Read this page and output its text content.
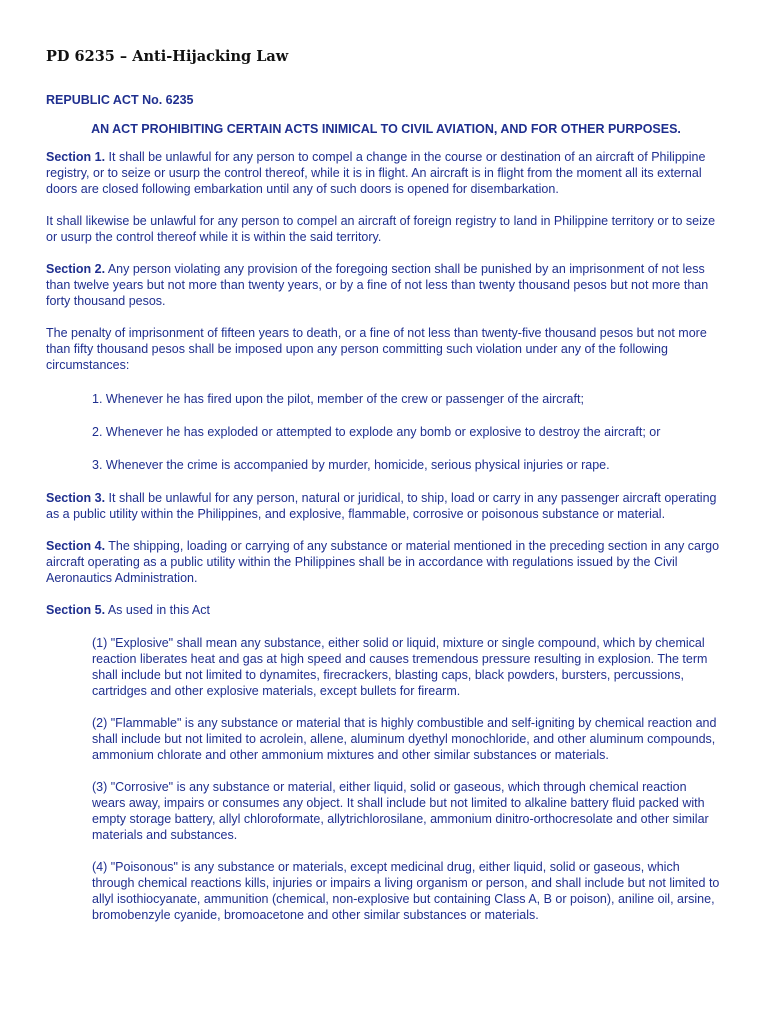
PD 6235 – Anti-Hijacking Law
REPUBLIC ACT No. 6235
AN ACT PROHIBITING CERTAIN ACTS INIMICAL TO CIVIL AVIATION, AND FOR OTHER PURPOSES.

Section 1. It shall be unlawful for any person to compel a change in the course or destination of an aircraft of Philippine registry, or to seize or usurp the control thereof, while it is in flight. An aircraft is in flight from the moment all its external doors are closed following embarkation until any of such doors is opened for disembarkation.

It shall likewise be unlawful for any person to compel an aircraft of foreign registry to land in Philippine territory or to seize or usurp the control thereof while it is within the said territory.

Section 2. Any person violating any provision of the foregoing section shall be punished by an imprisonment of not less than twelve years but not more than twenty years, or by a fine of not less than twenty thousand pesos but not more than forty thousand pesos.

The penalty of imprisonment of fifteen years to death, or a fine of not less than twenty-five thousand pesos but not more than fifty thousand pesos shall be imposed upon any person committing such violation under any of the following circumstances:

1. Whenever he has fired upon the pilot, member of the crew or passenger of the aircraft;

2. Whenever he has exploded or attempted to explode any bomb or explosive to destroy the aircraft; or

3. Whenever the crime is accompanied by murder, homicide, serious physical injuries or rape.

Section 3. It shall be unlawful for any person, natural or juridical, to ship, load or carry in any passenger aircraft operating as a public utility within the Philippines, and explosive, flammable, corrosive or poisonous substance or material.

Section 4. The shipping, loading or carrying of any substance or material mentioned in the preceding section in any cargo aircraft operating as a public utility within the Philippines shall be in accordance with regulations issued by the Civil Aeronautics Administration.

Section 5. As used in this Act

(1) "Explosive" shall mean any substance, either solid or liquid, mixture or single compound, which by chemical reaction liberates heat and gas at high speed and causes tremendous pressure resulting in explosion. The term shall include but not limited to dynamites, firecrackers, blasting caps, black powders, bursters, percussions, cartridges and other explosive materials, except bullets for firearm.

(2) "Flammable" is any substance or material that is highly combustible and self-igniting by chemical reaction and shall include but not limited to acrolein, allene, aluminum dyethyl monochloride, and other aluminum compounds, ammonium chlorate and other ammonium mixtures and other similar substances or materials.

(3) "Corrosive" is any substance or material, either liquid, solid or gaseous, which through chemical reaction wears away, impairs or consumes any object. It shall include but not limited to alkaline battery fluid packed with empty storage battery, allyl chloroformate, allytrichlorosilane, ammonium dinitro-orthocresolate and other similar materials and substances.

(4) "Poisonous" is any substance or materials, except medicinal drug, either liquid, solid or gaseous, which through chemical reactions kills, injuries or impairs a living organism or person, and shall include but not limited to allyl isothiocyanate, ammunition (chemical, non-explosive but containing Class A, B or poison), aniline oil, arsine, bromobenzyle cyanide, bromoacetone and other similar substances or materials.
